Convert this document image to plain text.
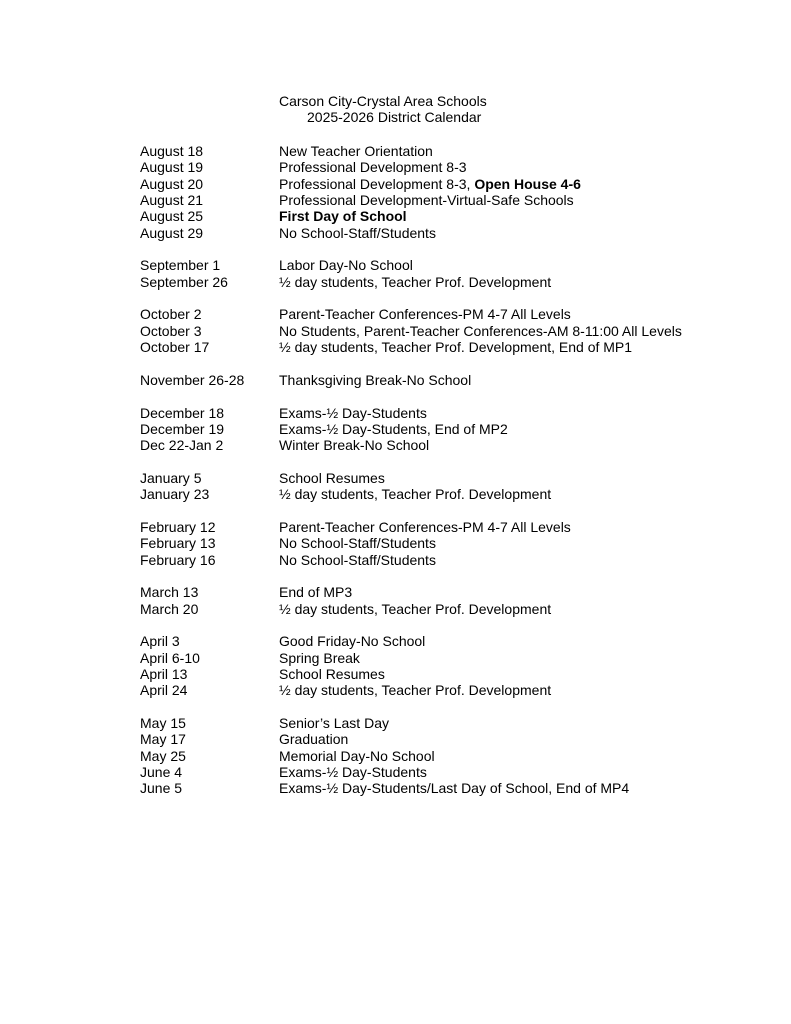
Carson City-Crystal Area Schools
2025-2026 District Calendar
August 18	New Teacher Orientation
August 19	Professional Development 8-3
August 20	Professional Development 8-3, Open House 4-6
August 21	Professional Development-Virtual-Safe Schools
August 25	First Day of School
August 29	No School-Staff/Students
September 1	Labor Day-No School
September 26	½ day students, Teacher Prof. Development
October 2	Parent-Teacher Conferences-PM 4-7 All Levels
October 3	No Students, Parent-Teacher Conferences-AM 8-11:00 All Levels
October 17	½ day students, Teacher Prof. Development, End of MP1
November 26-28	Thanksgiving Break-No School
December 18	Exams-½ Day-Students
December 19	Exams-½ Day-Students, End of MP2
Dec 22-Jan 2	Winter Break-No School
January 5	School Resumes
January 23	½ day students, Teacher Prof. Development
February 12	Parent-Teacher Conferences-PM 4-7 All Levels
February 13	No School-Staff/Students
February 16	No School-Staff/Students
March 13	End of MP3
March 20	½ day students, Teacher Prof. Development
April 3	Good Friday-No School
April 6-10	Spring Break
April 13	School Resumes
April 24	½ day students, Teacher Prof. Development
May 15	Senior’s Last Day
May 17	Graduation
May 25	Memorial Day-No School
June 4	Exams-½ Day-Students
June 5	Exams-½ Day-Students/Last Day of School, End of MP4
